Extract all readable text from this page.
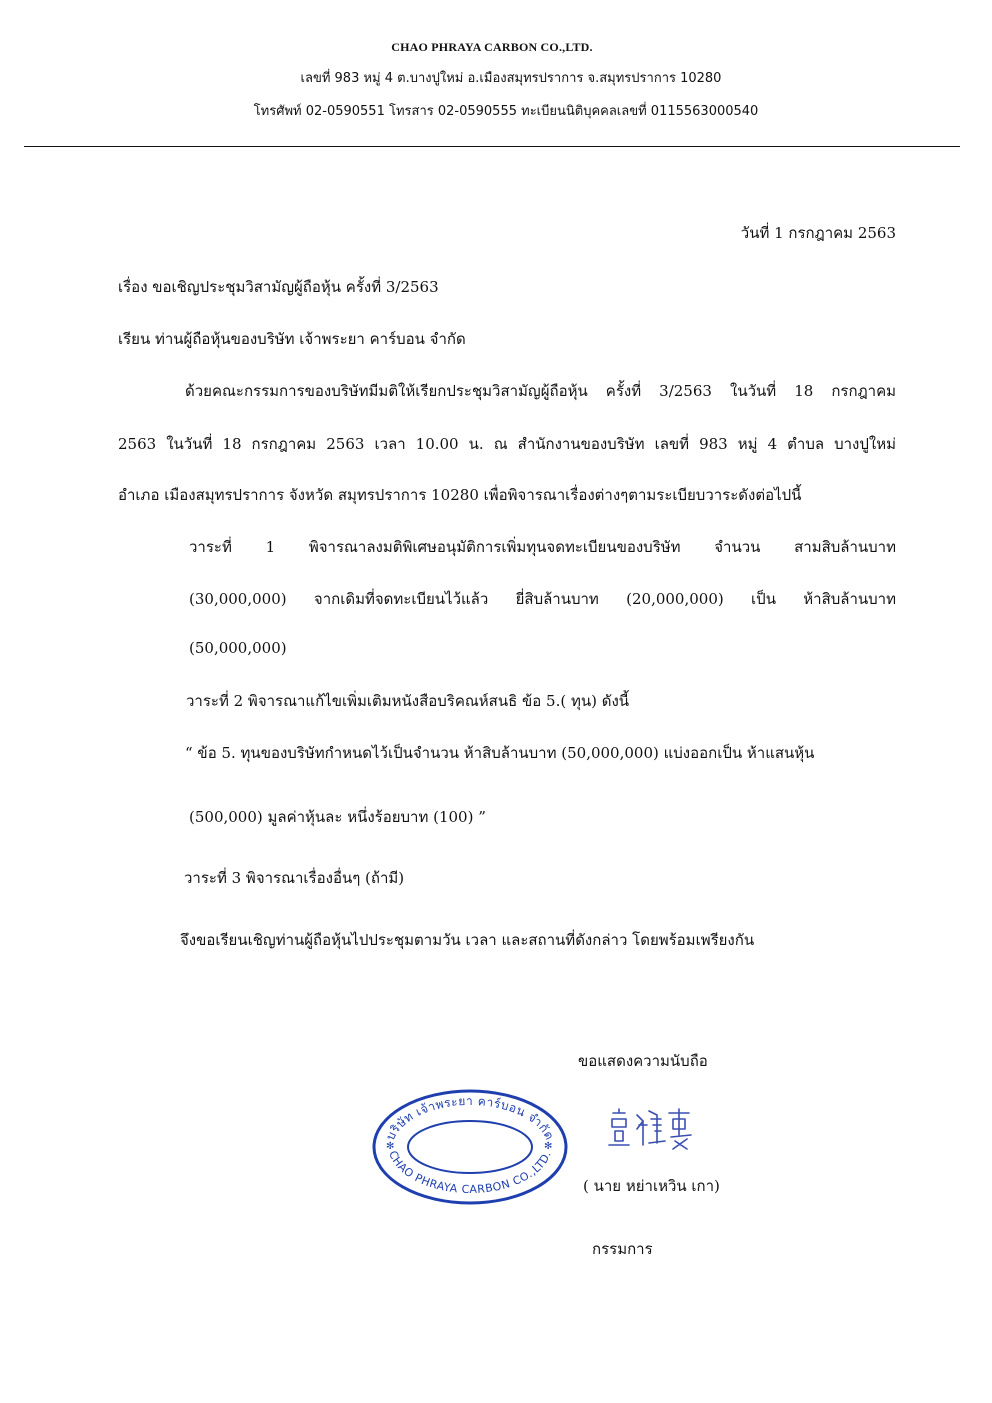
CHAO PHRAYA CARBON CO.,LTD.
เลขที่ 983 หมู่ 4 ต.บางปูใหม่ อ.เมืองสมุทรปราการ จ.สมุทรปราการ 10280
โทรศัพท์ 02-0590551 โทรสาร 02-0590555 ทะเบียนนิติบุคคลเลขที่ 0115563000540
วันที่ 1 กรกฎาคม 2563
เรื่อง ขอเชิญประชุมวิสามัญผู้ถือหุ้น ครั้งที่ 3/2563
เรียน ท่านผู้ถือหุ้นของบริษัท เจ้าพระยา คาร์บอน จำกัด
ด้วยคณะกรรมการของบริษัทมีมติให้เรียกประชุมวิสามัญผู้ถือหุ้น ครั้งที่ 3/2563 ในวันที่ 18 กรกฎาคม
2563 ในวันที่ 18 กรกฎาคม 2563 เวลา 10.00 น. ณ สำนักงานของบริษัท เลขที่ 983 หมู่ 4 ตำบล บางปูใหม่
อำเภอ เมืองสมุทรปราการ จังหวัด สมุทรปราการ 10280 เพื่อพิจารณาเรื่องต่างๆตามระเบียบวาระดังต่อไปนี้
วาระที่ 1 พิจารณาลงมติพิเศษอนุมัติการเพิ่มทุนจดทะเบียนของบริษัท จำนวน สามสิบล้านบาท
(30,000,000) จากเดิมที่จดทะเบียนไว้แล้ว ยี่สิบล้านบาท (20,000,000) เป็น ห้าสิบล้านบาท
(50,000,000)
วาระที่ 2 พิจารณาแก้ไขเพิ่มเติมหนังสือบริคณห์สนธิ ข้อ 5.( ทุน) ดังนี้
“ ข้อ 5. ทุนของบริษัทกำหนดไว้เป็นจำนวน ห้าสิบล้านบาท (50,000,000) แบ่งออกเป็น ห้าแสนหุ้น
(500,000) มูลค่าหุ้นละ หนึ่งร้อยบาท (100) ”
วาระที่ 3 พิจารณาเรื่องอื่นๆ (ถ้ามี)
จึงขอเรียนเชิญท่านผู้ถือหุ้นไปประชุมตามวัน เวลา และสถานที่ดังกล่าว โดยพร้อมเพรียงกัน
ขอแสดงความนับถือ
บริษัท เจ้าพระยา คาร์บอน จำกัด
CHAO PHRAYA CARBON CO.,LTD.
✻	✻
( นาย หย่าเหวิน เกา)
กรรมการ
